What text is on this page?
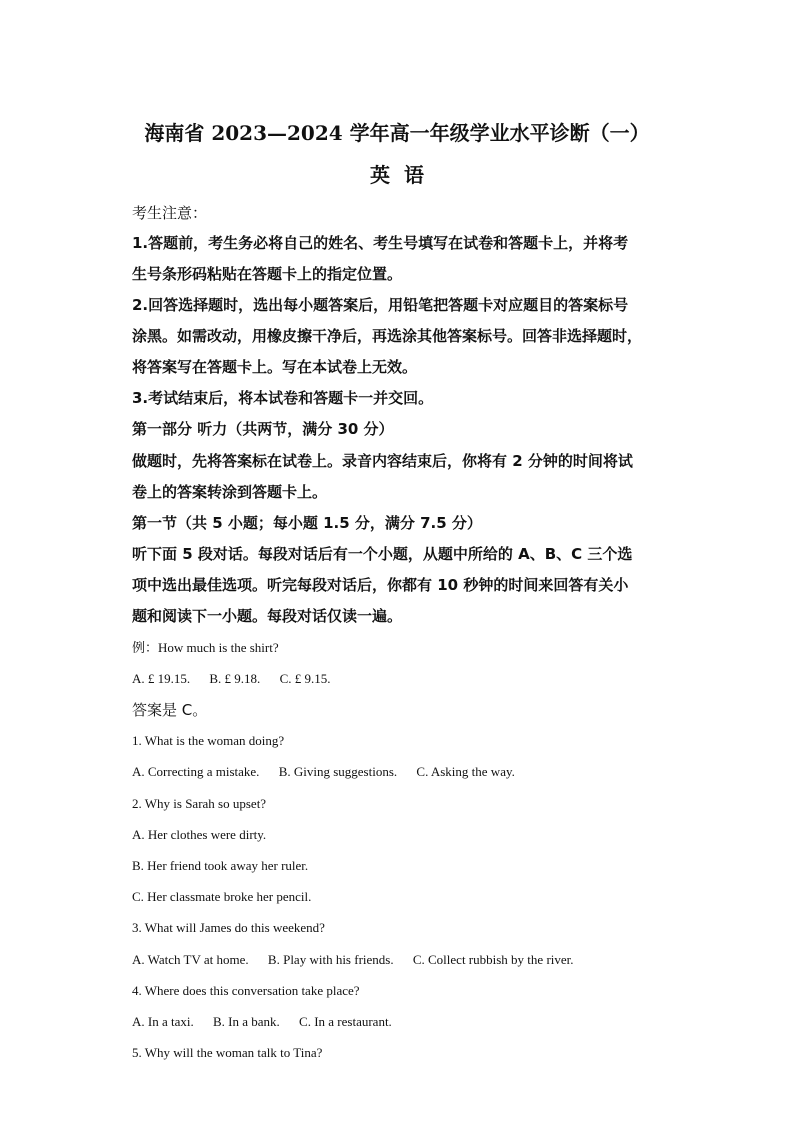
海南省 2023—2024 学年高一年级学业水平诊断（一）
英语

考生注意：

1.答题前，考生务必将自己的姓名、考生号填写在试卷和答题卡上，并将考

生号条形码粘贴在答题卡上的指定位置。

2.回答选择题时，选出每小题答案后，用铅笔把答题卡对应题目的答案标号

涂黑。如需改动，用橡皮擦干净后，再选涂其他答案标号。回答非选择题时，

将答案写在答题卡上。写在本试卷上无效。

3.考试结束后，将本试卷和答题卡一并交回。

第一部分 听力（共两节，满分 30 分）

做题时，先将答案标在试卷上。录音内容结束后，你将有 2 分钟的时间将试

卷上的答案转涂到答题卡上。

第一节（共 5 小题；每小题 1.5 分，满分 7.5 分）

听下面 5 段对话。每段对话后有一个小题，从题中所给的 A、B、C 三个选

项中选出最佳选项。听完每段对话后，你都有 10 秒钟的时间来回答有关小

题和阅读下一小题。每段对话仅读一遍。

例：How much is the shirt?

A. £ 19.15. B. £ 9.18. C. £ 9.15.

答案是 C。

1. What is the woman doing?

A. Correcting a mistake. B. Giving suggestions. C. Asking the way.

2. Why is Sarah so upset?

A. Her clothes were dirty.

B. Her friend took away her ruler.

C. Her classmate broke her pencil.

3. What will James do this weekend?

A. Watch TV at home. B. Play with his friends. C. Collect rubbish by the river.

4. Where does this conversation take place?

A. In a taxi. B. In a bank. C. In a restaurant.

5. Why will the woman talk to Tina?
